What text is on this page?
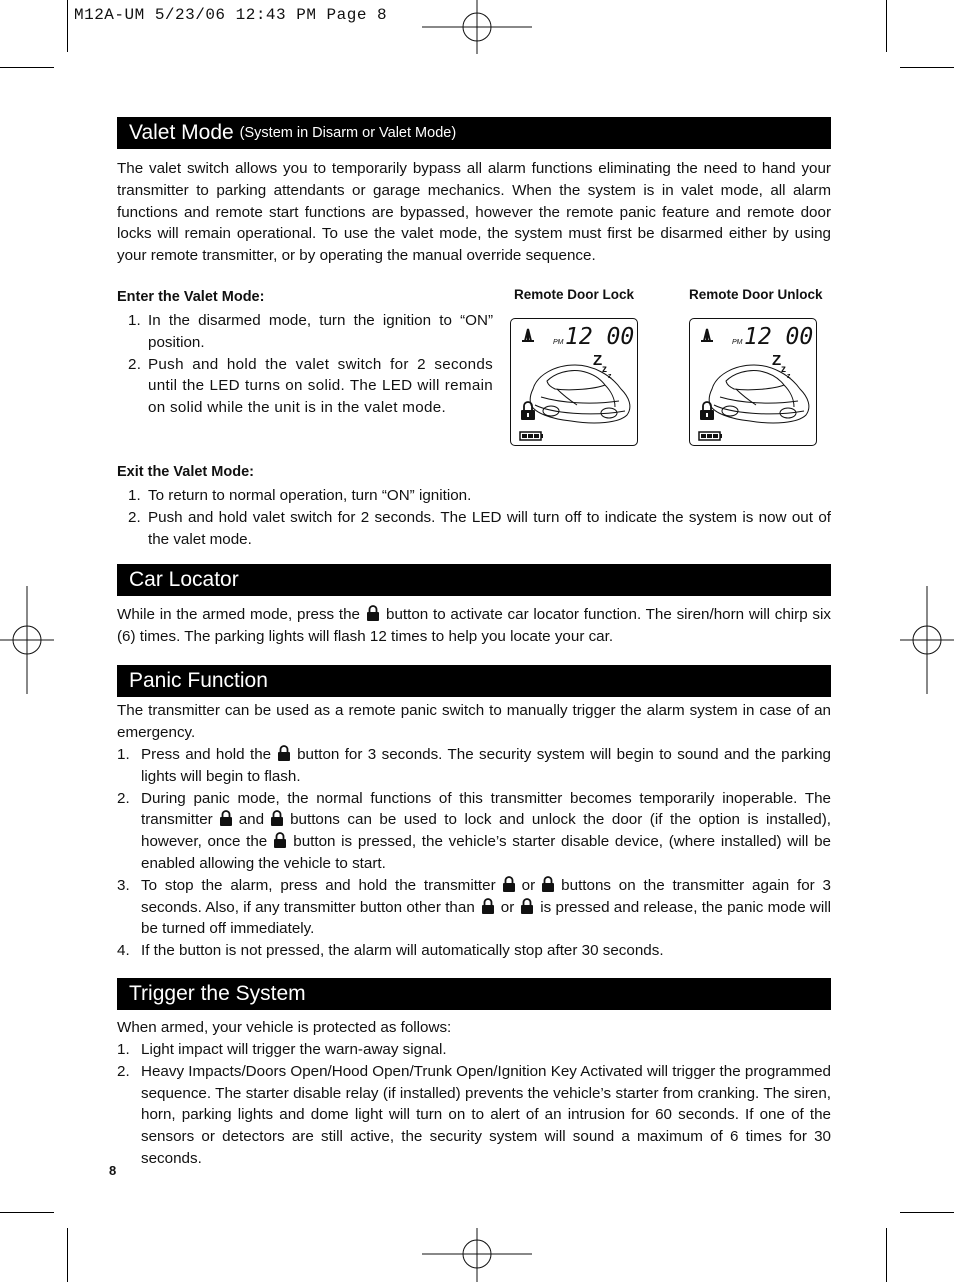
M12A-UM 5/23/06 12:43 PM Page 8
Valet Mode (System in Disarm or Valet Mode)

The valet switch allows you to temporarily bypass all alarm functions eliminating the need to hand your transmitter to parking attendants or garage mechanics. When the system is in valet mode, all alarm functions and remote start functions are bypassed, however the remote panic feature and remote door locks will remain operational. To use the valet mode, the system must first be disarmed either by using your remote transmitter, or by operating the manual override sequence.

Enter the Valet Mode:

1. In the disarmed mode, turn the ignition to “ON” position.
2. Push and hold the valet switch for 2 seconds until the LED turns on solid. The LED will remain on solid while the unit is in the valet mode.
Remote Door Lock	Remote Door Unlock
PM 12 00
Z
z
z
PM 12 00
Z
z
z

Exit the Valet Mode:

1. To return to normal operation, turn “ON” ignition.
2. Push and hold valet switch for 2 seconds. The LED will turn off to indicate the system is now out of the valet mode.
Car Locator

While in the armed mode, press the button to activate car locator function. The siren/horn will chirp six (6) times. The parking lights will flash 12 times to help you locate your car.

Panic Function

The transmitter can be used as a remote panic switch to manually trigger the alarm system in case of an emergency.

1. Press and hold the button for 3 seconds. The security system will begin to sound and the parking lights will begin to flash.
2. During panic mode, the normal functions of this transmitter becomes temporarily inoperable. The transmitter and buttons can be used to lock and unlock the door (if the option is installed), however, once the button is pressed, the vehicle’s starter disable device, (where installed) will be enabled allowing the vehicle to start.
3. To stop the alarm, press and hold the transmitter or buttons on the transmitter again for 3 seconds. Also, if any transmitter button other than or is pressed and release, the panic mode will be turned off immediately.
4. If the button is not pressed, the alarm will automatically stop after 30 seconds.
Trigger the System

When armed, your vehicle is protected as follows:

1. Light impact will trigger the warn-away signal.
2. Heavy Impacts/Doors Open/Hood Open/Trunk Open/Ignition Key Activated will trigger the programmed sequence. The starter disable relay (if installed) prevents the vehicle’s starter from cranking. The siren, horn, parking lights and dome light will turn on to alert of an intrusion for 60 seconds. If one of the sensors or detectors are still active, the security system will sound a maximum of 6 times for 30 seconds.
8
